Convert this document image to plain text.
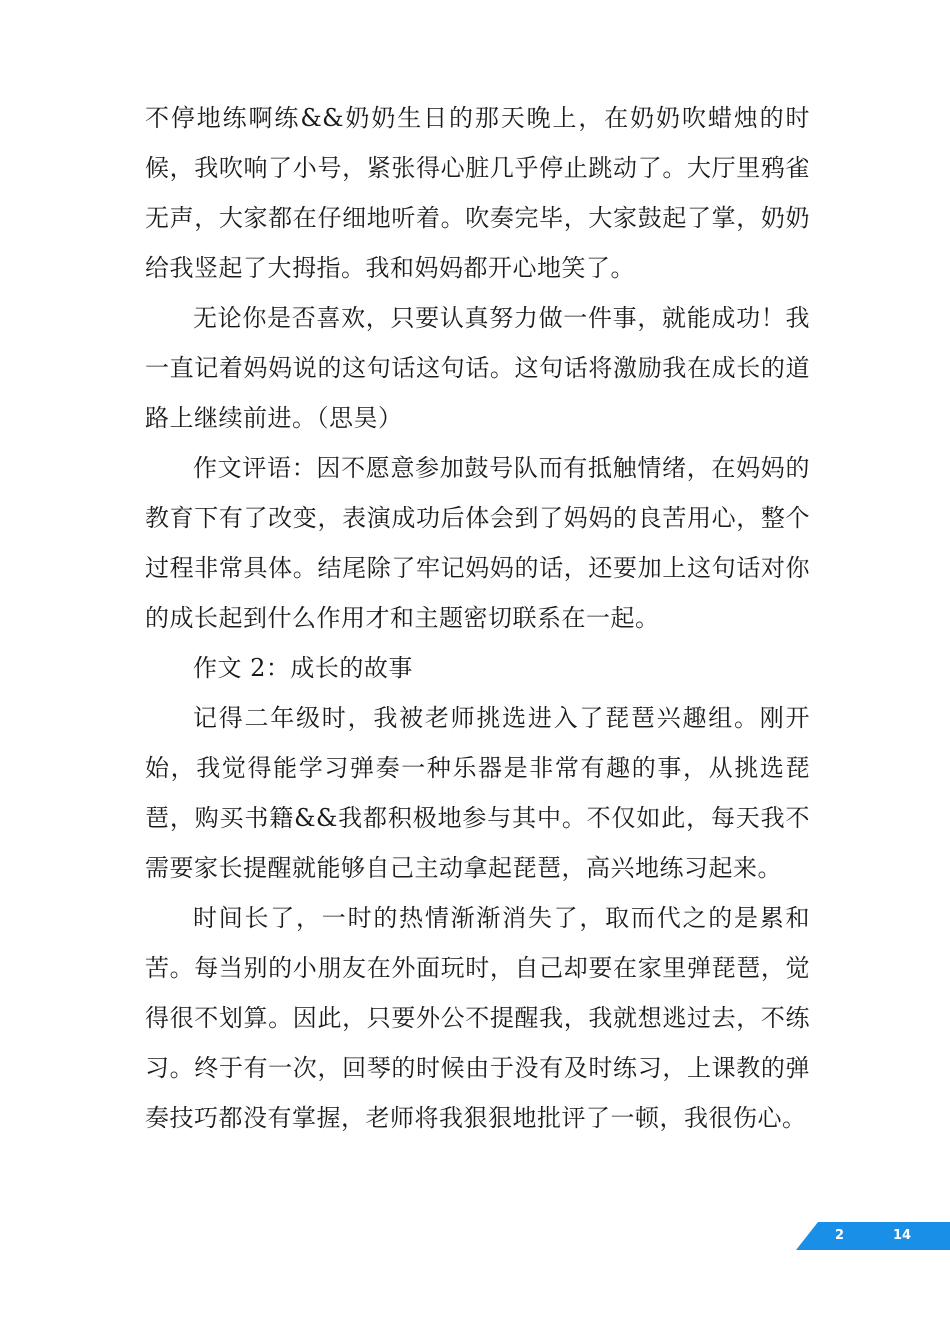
不停地练啊练&&奶奶生日的那天晚上，在奶奶吹蜡烛的时候，我吹响了小号，紧张得心脏几乎停止跳动了。大厅里鸦雀无声，大家都在仔细地听着。吹奏完毕，大家鼓起了掌，奶奶给我竖起了大拇指。我和妈妈都开心地笑了。

无论你是否喜欢，只要认真努力做一件事，就能成功！我一直记着妈妈说的这句话这句话。这句话将激励我在成长的道路上继续前进。（思昊）

作文评语：因不愿意参加鼓号队而有抵触情绪，在妈妈的教育下有了改变，表演成功后体会到了妈妈的良苦用心，整个过程非常具体。结尾除了牢记妈妈的话，还要加上这句话对你的成长起到什么作用才和主题密切联系在一起。

作文 2：成长的故事

记得二年级时，我被老师挑选进入了琵琶兴趣组。刚开始，我觉得能学习弹奏一种乐器是非常有趣的事，从挑选琵琶，购买书籍&&我都积极地参与其中。不仅如此，每天我不需要家长提醒就能够自己主动拿起琵琶，高兴地练习起来。

时间长了，一时的热情渐渐消失了，取而代之的是累和苦。每当别的小朋友在外面玩时，自己却要在家里弹琵琶，觉得很不划算。因此，只要外公不提醒我，我就想逃过去，不练习。终于有一次，回琴的时候由于没有及时练习，上课教的弹奏技巧都没有掌握，老师将我狠狠地批评了一顿，我很伤心。

2	14
